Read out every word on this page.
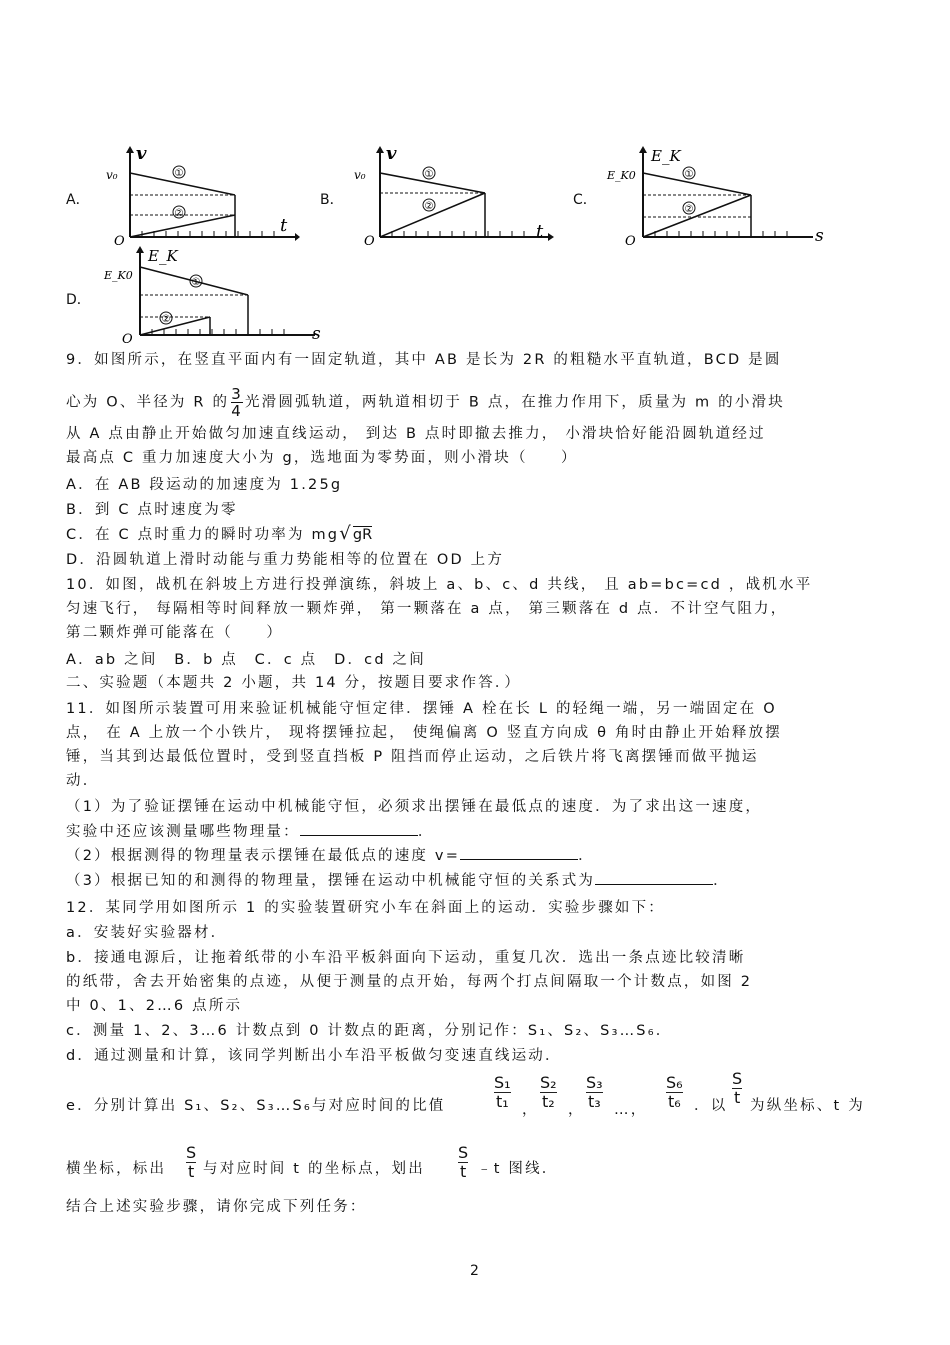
A．
①
②
v
v₀
O
t
B．
①
②
v
v₀
O	t
C．
①
②
E_K
E_K0
O	s
D．
①
②
E_K
E_K0
O	s
9．如图所示，在竖直平面内有一固定轨道，其中 AB 是长为 2R 的粗糙水平直轨道，BCD 是圆
心为 O、半径为 R 的 $\frac{3}{4}$ 光滑圆弧轨道，两轨道相切于 B 点，在推力作用下，质量为 m 的小滑块
从 A 点由静止开始做匀加速直线运动， 到达 B 点时即撤去推力， 小滑块恰好能沿圆轨道经过
最高点 C 重力加速度大小为 g，选地面为零势面，则小滑块（　　）
A．在 AB 段运动的加速度为 1.25g
B．到 C 点时速度为零
C．在 C 点时重力的瞬时功率为 mg√gR
D．沿圆轨道上滑时动能与重力势能相等的位置在 OD 上方
10．如图，战机在斜坡上方进行投弹演练，斜坡上 a、b、c、d 共线， 且 ab=bc=cd ，战机水平
匀速飞行， 每隔相等时间释放一颗炸弹， 第一颗落在 a 点， 第三颗落在 d 点．不计空气阻力，
第二颗炸弹可能落在（　　）
A．ab 之间　B．b 点　C．c 点　D．cd 之间
二、实验题（本题共 2 小题，共 14 分，按题目要求作答．）
11．如图所示装置可用来验证机械能守恒定律．摆锤 A 栓在长 L 的轻绳一端，另一端固定在 O
点， 在 A 上放一个小铁片， 现将摆锤拉起， 使绳偏离 O 竖直方向成 θ 角时由静止开始释放摆
锤，当其到达最低位置时，受到竖直挡板 P 阻挡而停止运动，之后铁片将飞离摆锤而做平抛运
动．
（1）为了验证摆锤在运动中机械能守恒，必须求出摆锤在最低点的速度．为了求出这一速度，
实验中还应该测量哪些物理量：	．
（2）根据测得的物理量表示摆锤在最低点的速度 v=	．
（3）根据已知的和测得的物理量，摆锤在运动中机械能守恒的关系式为	．
12．某同学用如图所示 1 的实验装置研究小车在斜面上的运动．实验步骤如下：
a．安装好实验器材．
b．接通电源后，让拖着纸带的小车沿平板斜面向下运动，重复几次．选出一条点迹比较清晰
的纸带，舍去开始密集的点迹，从便于测量的点开始，每两个打点间隔取一个计数点，如图 2
中 0、1、2…6 点所示
c．测量 1、2、3…6 计数点到 0 计数点的距离，分别记作：S₁、S₂、S₃…S₆．
d．通过测量和计算，该同学判断出小车沿平板做匀变速直线运动．
e．分别计算出 S₁、S₂、S₃…S₆与对应时间的比值
S₁
t₁ ，
S₂
t₂ ，
S₃
t₃ …，
S₆
t₆ ．以
S
t 为纵坐标、t 为
横坐标，标出
S
t 与对应时间 t 的坐标点，划出
S
t ﹣t 图线．
结合上述实验步骤，请你完成下列任务：
2
